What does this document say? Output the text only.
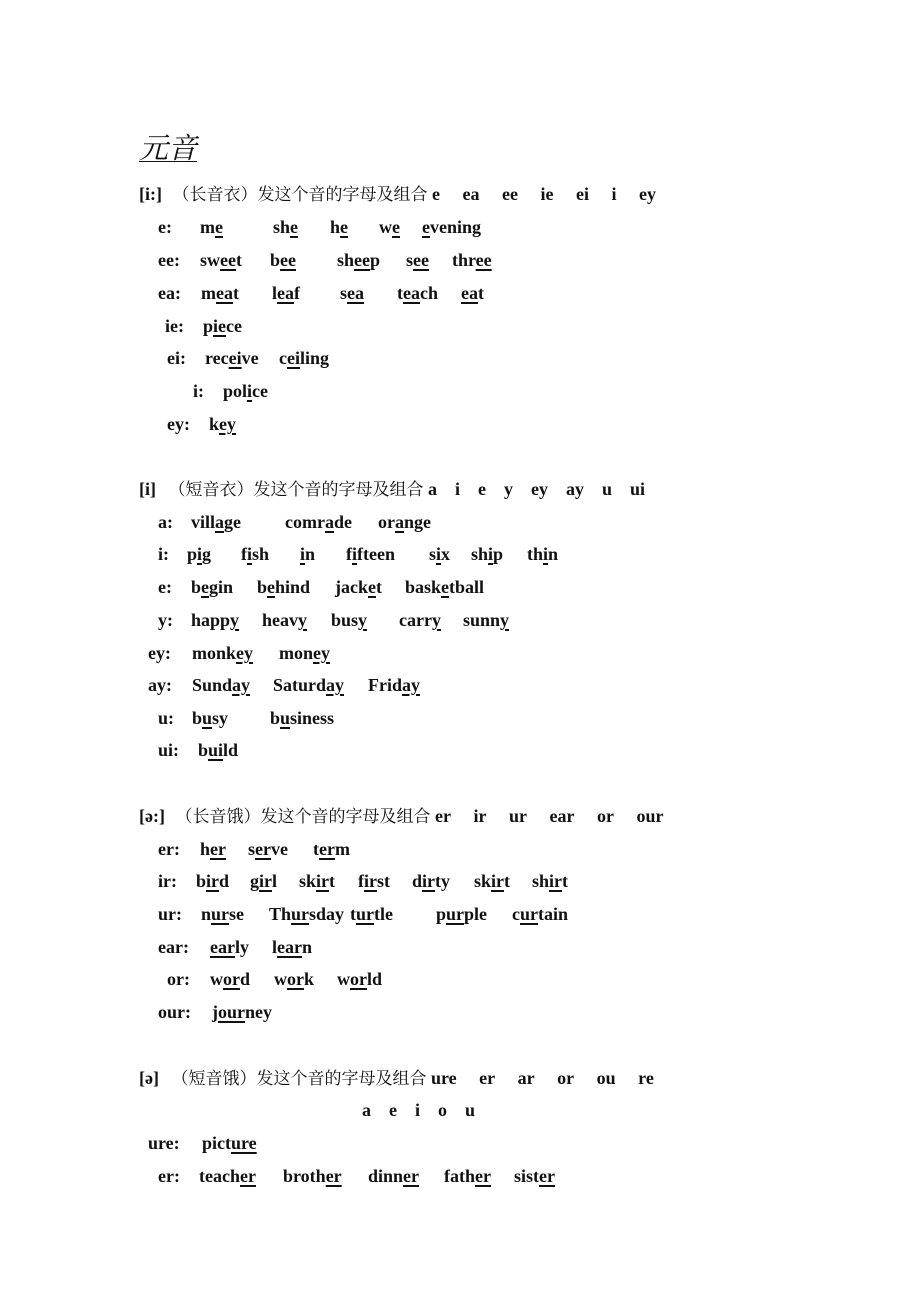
元音
[i:] （长音衣）发这个音的字母及组合 e ea ee ie ei i ey
e: me	she he we evening
ee: sweet bee sheep see three
ea: meat leaf sea teach eat
ie: piece
ei: receive ceiling
i: police
ey: key
a: village comrade orange
i: pig fish in fifteen six ship thin
e: begin behind jacket basketball
y: happy heavy busy carry sunny
ey: monkey money
ay: Sunday Saturday Friday
u: busy business
ui: build
er: her serve term
ir: bird girl skirt first dirty skirt shirt
ur: nurse Thursday turtle purple curtain
ear: early learn
or: word work world
our: journey
ure: picture
er: teacher brother dinner father sister
a e i o u
[i] （短音衣）发这个音的字母及组合 a i e y ey ay u ui
[ə:] （长音饿）发这个音的字母及组合 er ir ur ear or our
[ə] （短音饿）发这个音的字母及组合 ure er ar or ou re
